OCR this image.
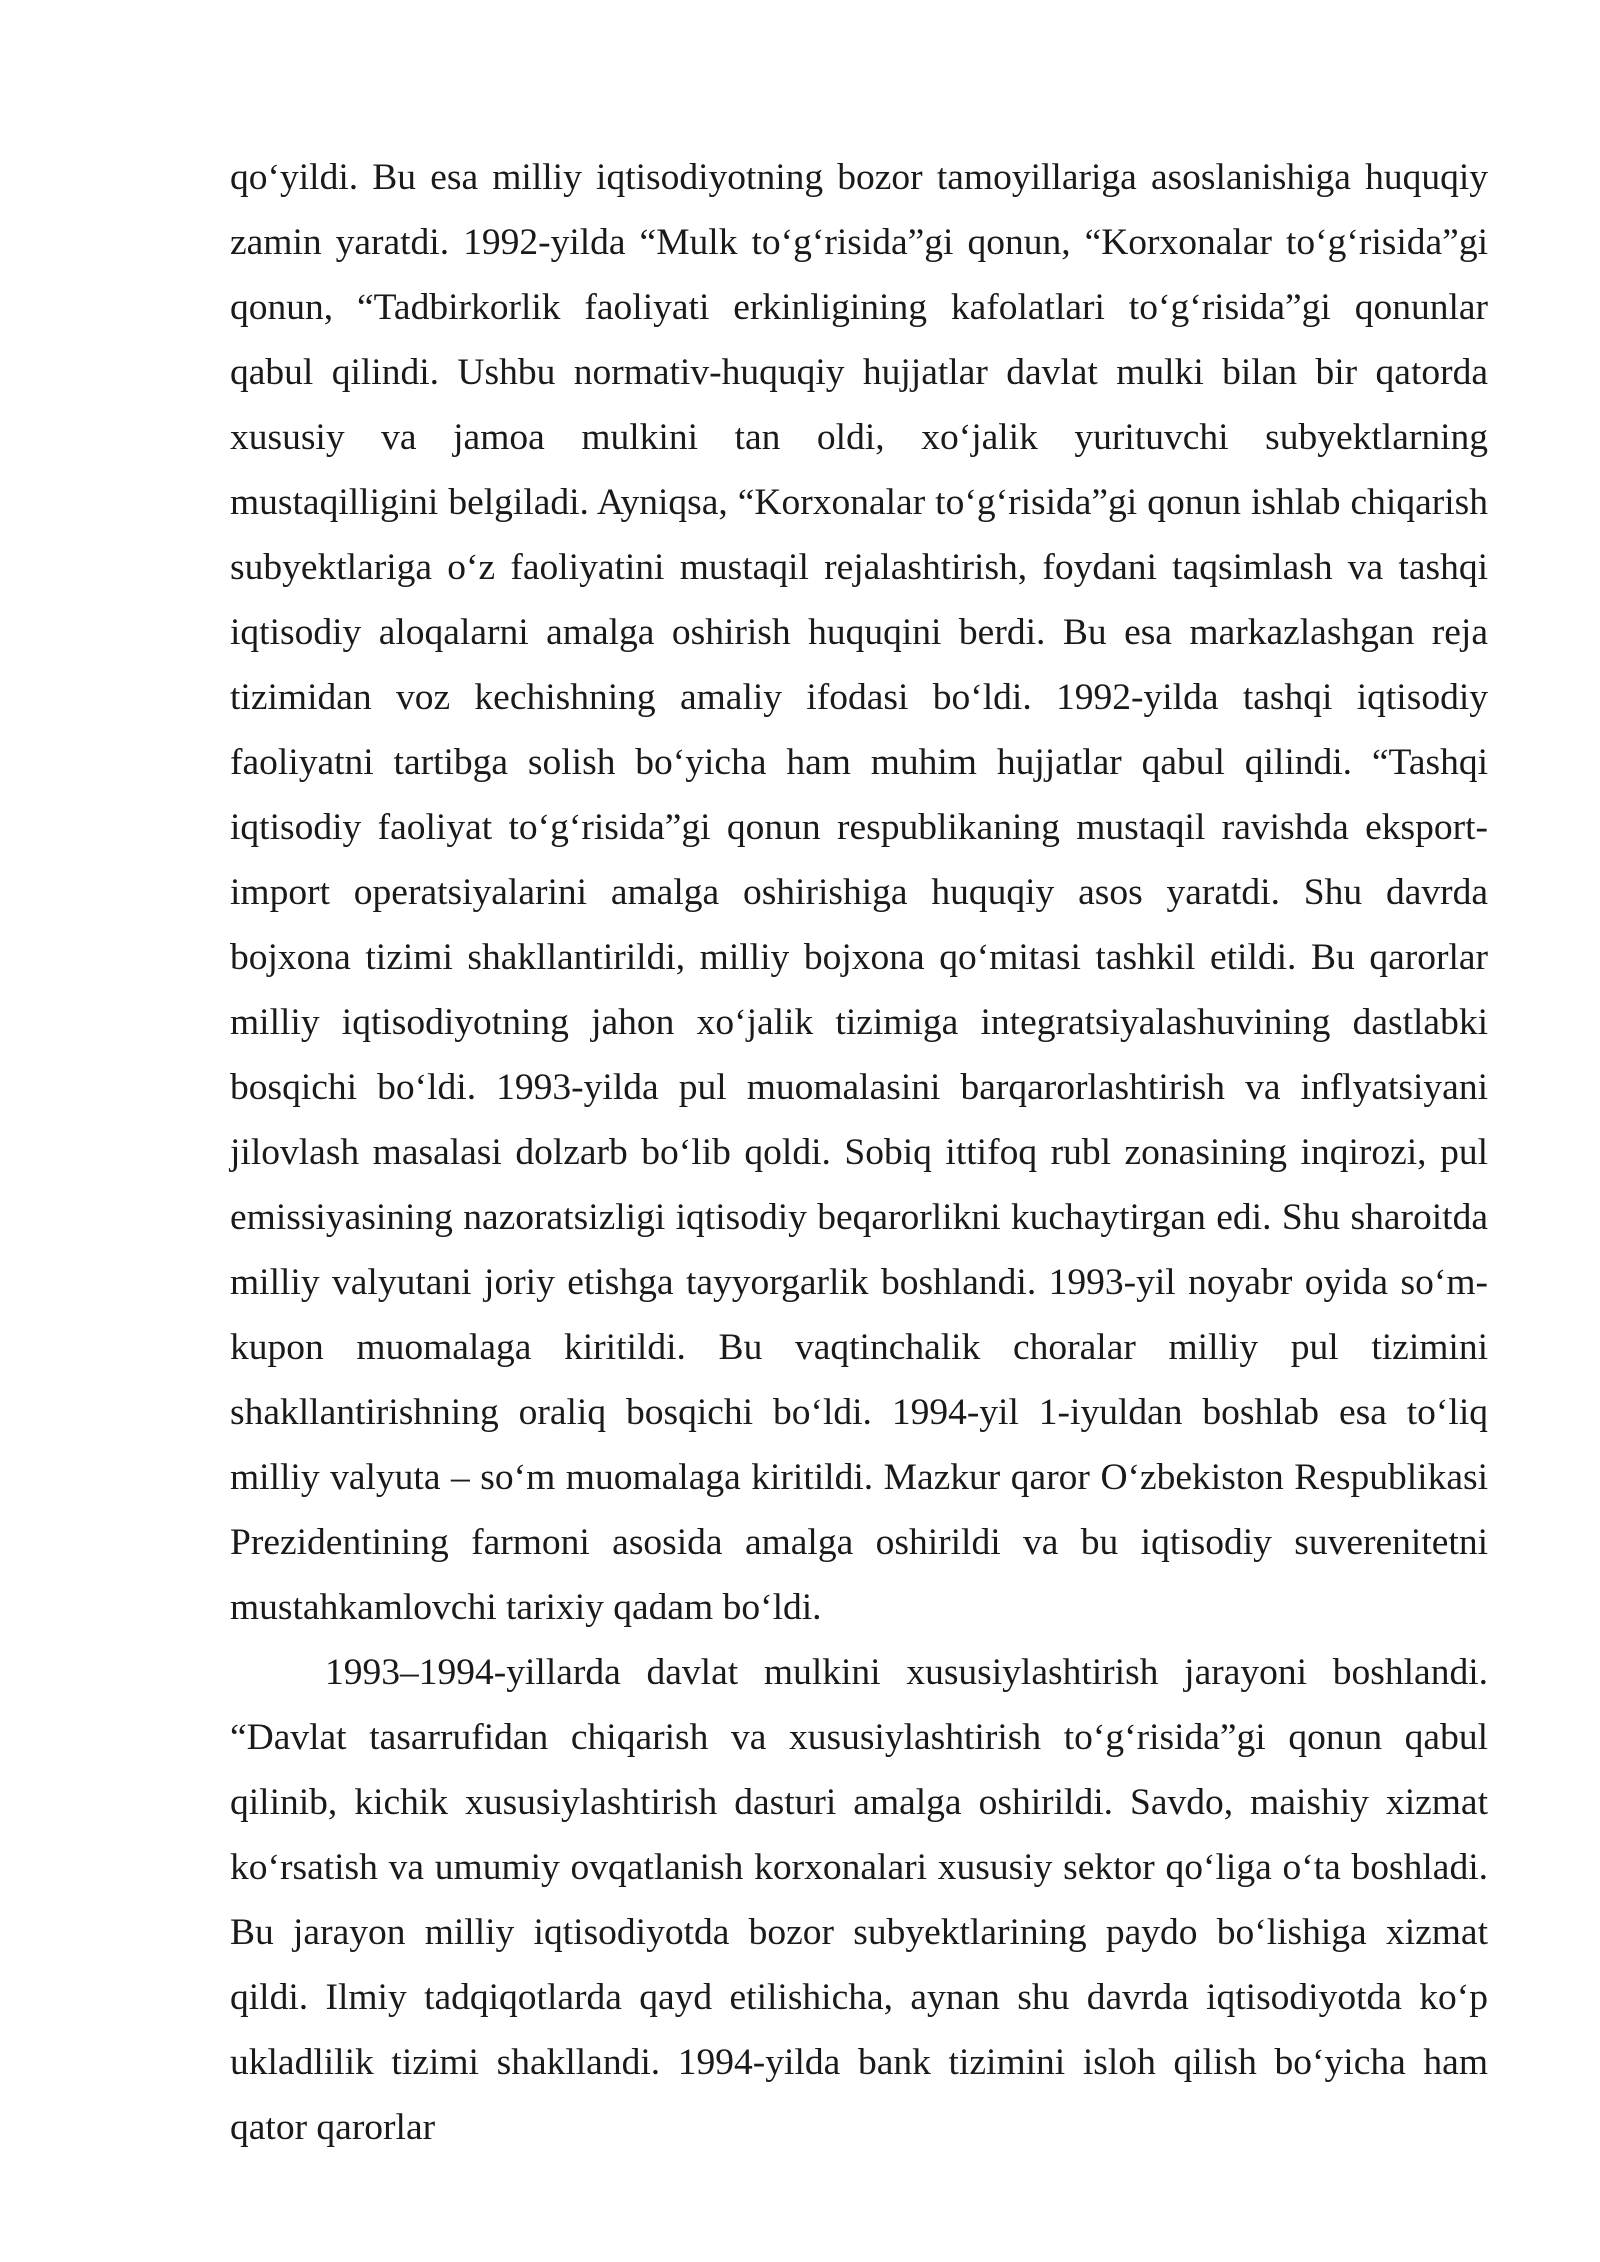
qo‘yildi. Bu esa milliy iqtisodiyotning bozor tamoyillariga asoslanishiga huquqiy zamin yaratdi. 1992-yilda “Mulk to‘g‘risida”gi qonun, “Korxonalar to‘g‘risida”gi qonun, “Tadbirkorlik faoliyati erkinligining kafolatlari to‘g‘risida”gi qonunlar qabul qilindi. Ushbu normativ-huquqiy hujjatlar davlat mulki bilan bir qatorda xususiy va jamoa mulkini tan oldi, xo‘jalik yurituvchi subyektlarning mustaqilligini belgiladi. Ayniqsa, “Korxonalar to‘g‘risida”gi qonun ishlab chiqarish subyektlariga o‘z faoliyatini mustaqil rejalashtirish, foydani taqsimlash va tashqi iqtisodiy aloqalarni amalga oshirish huquqini berdi. Bu esa markazlashgan reja tizimidan voz kechishning amaliy ifodasi bo‘ldi. 1992-yilda tashqi iqtisodiy faoliyatni tartibga solish bo‘yicha ham muhim hujjatlar qabul qilindi. “Tashqi iqtisodiy faoliyat to‘g‘risida”gi qonun respublikaning mustaqil ravishda eksport-import operatsiyalarini amalga oshirishiga huquqiy asos yaratdi. Shu davrda bojxona tizimi shakllantirildi, milliy bojxona qo‘mitasi tashkil etildi. Bu qarorlar milliy iqtisodiyotning jahon xo‘jalik tizimiga integratsiyalashuvining dastlabki bosqichi bo‘ldi. 1993-yilda pul muomalasini barqarorlashtirish va inflyatsiyani jilovlash masalasi dolzarb bo‘lib qoldi. Sobiq ittifoq rubl zonasining inqirozi, pul emissiyasining nazoratsizligi iqtisodiy beqarorlikni kuchaytirgan edi. Shu sharoitda milliy valyutani joriy etishga tayyorgarlik boshlandi. 1993-yil noyabr oyida so‘m-kupon muomalaga kiritildi. Bu vaqtinchalik choralar milliy pul tizimini shakllantirishning oraliq bosqichi bo‘ldi. 1994-yil 1-iyuldan boshlab esa to‘liq milliy valyuta – so‘m muomalaga kiritildi. Mazkur qaror O‘zbekiston Respublikasi Prezidentining farmoni asosida amalga oshirildi va bu iqtisodiy suverenitetni mustahkamlovchi tarixiy qadam bo‘ldi.

1993–1994-yillarda davlat mulkini xususiylashtirish jarayoni boshlandi. “Davlat tasarrufidan chiqarish va xususiylashtirish to‘g‘risida”gi qonun qabul qilinib, kichik xususiylashtirish dasturi amalga oshirildi. Savdo, maishiy xizmat ko‘rsatish va umumiy ovqatlanish korxonalari xususiy sektor qo‘liga o‘ta boshladi. Bu jarayon milliy iqtisodiyotda bozor subyektlarining paydo bo‘lishiga xizmat qildi. Ilmiy tadqiqotlarda qayd etilishicha, aynan shu davrda iqtisodiyotda ko‘p ukladlilik tizimi shakllandi. 1994-yilda bank tizimini isloh qilish bo‘yicha ham qator qarorlar
